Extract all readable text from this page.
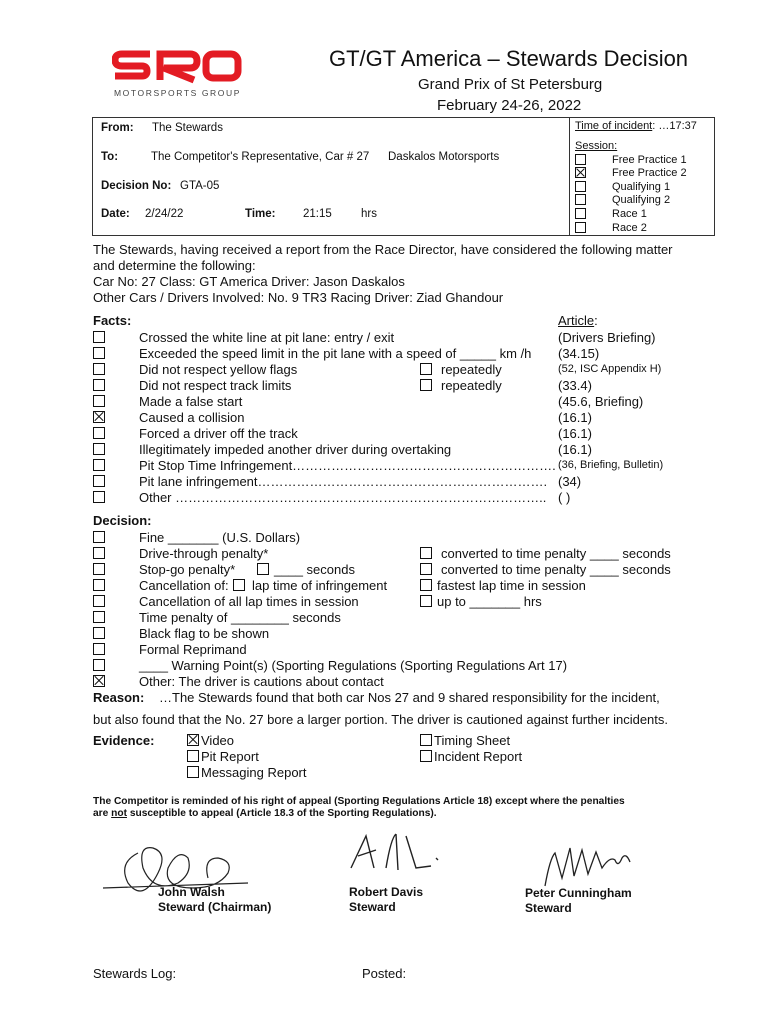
MOTORSPORTS GROUP
GT/GT America – Stewards Decision
Grand Prix of St Petersburg
February 24-26, 2022
From: The Stewards
To:	The Competitor's Representative, Car # 27 Daskalos Motorsports
Decision No: GTA-05
Date: 2/24/22	Time: 21:15	hrs
Time of incident: …17:37
Session:
Free Practice 1
Free Practice 2
Qualifying 1
Qualifying 2
Race 1
Race 2
The Stewards, having received a report from the Race Director, have considered the following matter
and determine the following:
Car No: 27 Class: GT America Driver: Jason Daskalos
Other Cars / Drivers Involved: No. 9 TR3 Racing Driver: Ziad Ghandour
Facts:	Article:
Crossed the white line at pit lane: entry / exit	(Drivers Briefing)
Exceeded the speed limit in the pit lane with a speed of _____ km /h (34.15)
Did not respect yellow flags	repeatedly	(52, ISC Appendix H)
Did not respect track limits	repeatedly	(33.4)
Made a false start	(45.6, Briefing)
Caused a collision	(16.1)
Forced a driver off the track	(16.1)
Illegitimately impeded another driver during overtaking	(16.1)
Pit Stop Time Infringement……………………………………………………. (36, Briefing, Bulletin)
Pit lane infringement…………………………………………………………. (34)
Other ………………………………………………………………………….. ( )
Decision:
Fine _______ (U.S. Dollars)
Drive-through penalty*	converted to time penalty ____ seconds
Stop-go penalty*	____ seconds	converted to time penalty ____ seconds
Cancellation of: lap time of infringement	fastest lap time in session
Cancellation of all lap times in session	up to _______ hrs
Time penalty of ________ seconds
Black flag to be shown
Formal Reprimand
____ Warning Point(s) (Sporting Regulations (Sporting Regulations Art 17)
Other: The driver is cautions about contact
Reason: …The Stewards found that both car Nos 27 and 9 shared responsibility for the incident,
but also found that the No. 27 bore a larger portion. The driver is cautioned against further incidents.
Evidence:	Video
Pit Report
Messaging Report
Timing Sheet
Incident Report
The Competitor is reminded of his right of appeal (Sporting Regulations Article 18) except where the penalties
are not susceptible to appeal (Article 18.3 of the Sporting Regulations).
John Walsh
Steward (Chairman)
Robert Davis
Steward
Peter Cunningham
Steward
Stewards Log:	Posted:
